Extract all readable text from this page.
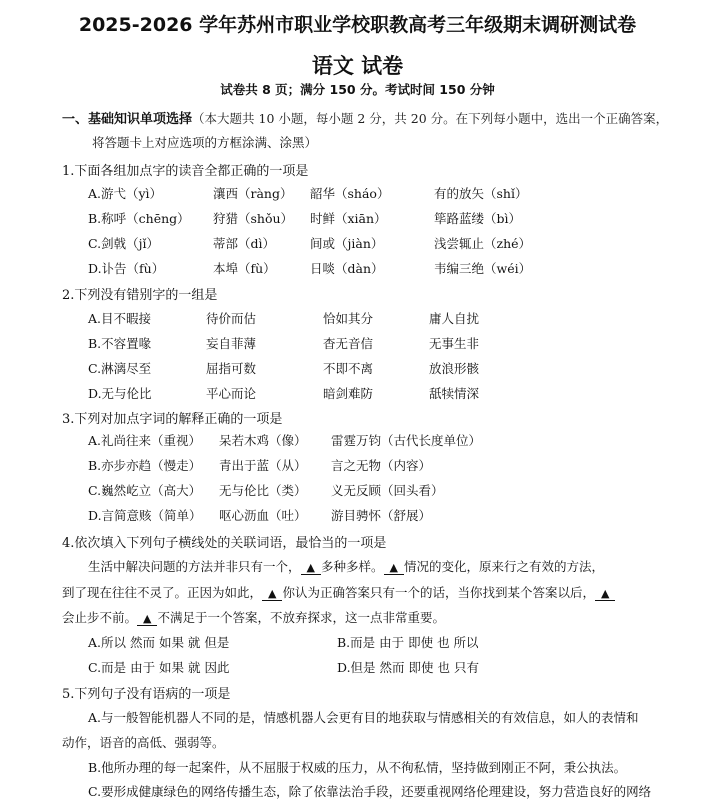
2025-2026 学年苏州市职业学校职教高考三年级期末调研测试卷
语文 试卷
试卷共 8 页；满分 150 分。考试时间 150 分钟
一、基础知识单项选择（本大题共 10 小题，每小题 2 分，共 20 分。在下列每小题中，选出一个正确答案，
将答题卡上对应选项的方框涂满、涂黑）
1.下面各组加点字的读音全都正确的一项是
A.游弋（yì）	瀼西（ràng） 韶华（sháo）	有的放矢（shǐ）
B.称呼（chēng） 狩猎（shǒu） 时鲜（xiān）	筚路蓝缕（bì）
C.剑戟（jǐ）	蒂部（dì）	间或（jiàn）	浅尝辄止（zhé）
D.讣告（fù）	本埠（fù）	日啖（dàn）	韦编三绝（wéi）
2.下列没有错别字的一组是
A.目不暇接	待价而估	恰如其分	庸人自扰
B.不容置喙	妄自菲薄	杳无音信	无事生非
C.淋漓尽至	屈指可数	不即不离	放浪形骸
D.无与伦比	平心而论	暗剑难防	舐犊情深
3.下列对加点字词的解释正确的一项是
A.礼尚往来（重视） 呆若木鸡（像） 雷霆万钧（古代长度单位）
B.亦步亦趋（慢走） 青出于蓝（从） 言之无物（内容）
C.巍然屹立（高大） 无与伦比（类） 义无反顾（回头看）
D.言简意赅（简单） 呕心沥血（吐） 游目骋怀（舒展）
4.依次填入下列句子横线处的关联词语，最恰当的一项是
生活中解决问题的方法并非只有一个， ▲ 多种多样。 ▲ 情况的变化，原来行之有效的方法，
到了现在往往不灵了。正因为如此， ▲ 你认为正确答案只有一个的话，当你找到某个答案以后， ▲
会止步不前。 ▲ 不满足于一个答案，不放弃探求，这一点非常重要。
A.所以 然而 如果 就 但是	B.而是 由于 即使 也 所以
C.而是 由于 如果 就 因此	D.但是 然而 即使 也 只有
5.下列句子没有语病的一项是
A.与一般智能机器人不同的是，情感机器人会更有目的地获取与情感相关的有效信息，如人的表情和
动作，语音的高低、强弱等。
B.他所办理的每一起案件，从不屈服于权威的压力，从不徇私情，坚持做到刚正不阿，秉公执法。
C.要形成健康绿色的网络传播生态，除了依靠法治手段，还要重视网络伦理建设，努力营造良好的网络
